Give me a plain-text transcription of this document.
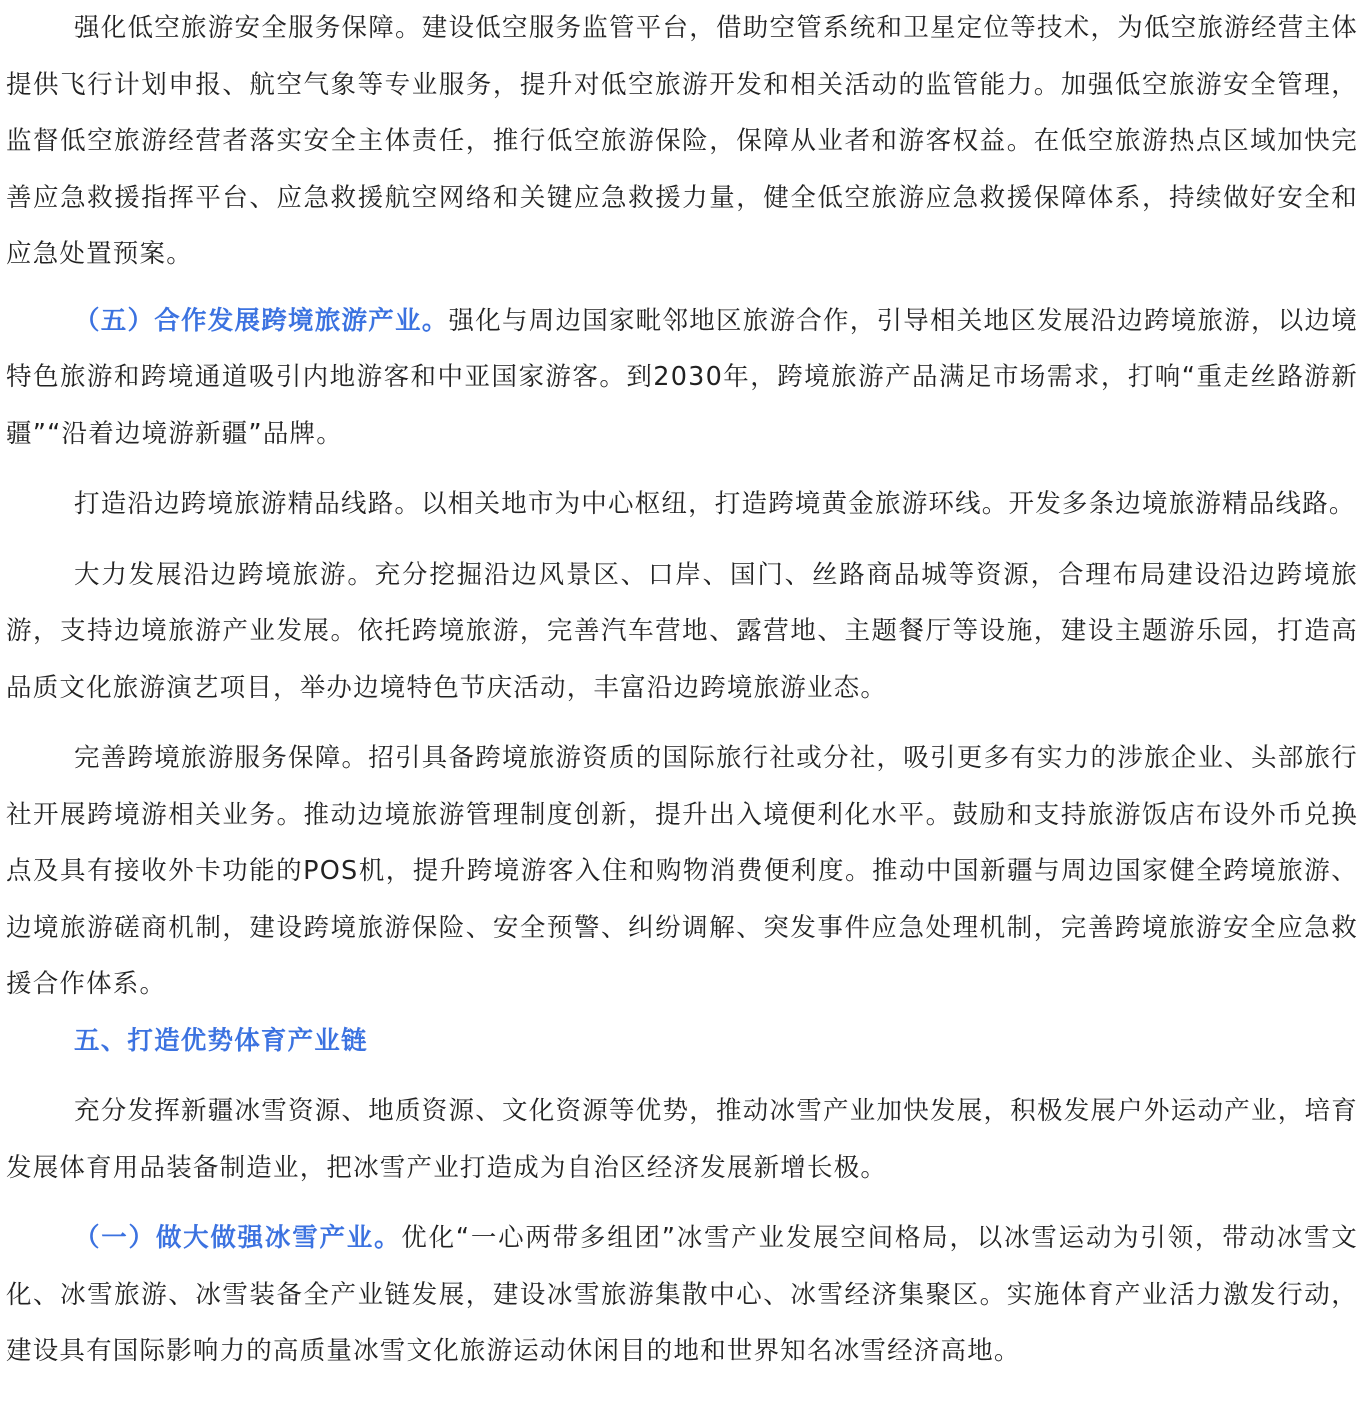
强化低空旅游安全服务保障。建设低空服务监管平台，借助空管系统和卫星定位等技术，为低空旅游经营主体提供飞行计划申报、航空气象等专业服务，提升对低空旅游开发和相关活动的监管能力。加强低空旅游安全管理，监督低空旅游经营者落实安全主体责任，推行低空旅游保险，保障从业者和游客权益。在低空旅游热点区域加快完善应急救援指挥平台、应急救援航空网络和关键应急救援力量，健全低空旅游应急救援保障体系，持续做好安全和应急处置预案。

（五）合作发展跨境旅游产业。强化与周边国家毗邻地区旅游合作，引导相关地区发展沿边跨境旅游，以边境特色旅游和跨境通道吸引内地游客和中亚国家游客。到2030年，跨境旅游产品满足市场需求，打响“重走丝路游新疆”“沿着边境游新疆”品牌。

打造沿边跨境旅游精品线路。以相关地市为中心枢纽，打造跨境黄金旅游环线。开发多条边境旅游精品线路。

大力发展沿边跨境旅游。充分挖掘沿边风景区、口岸、国门、丝路商品城等资源，合理布局建设沿边跨境旅游，支持边境旅游产业发展。依托跨境旅游，完善汽车营地、露营地、主题餐厅等设施，建设主题游乐园，打造高品质文化旅游演艺项目，举办边境特色节庆活动，丰富沿边跨境旅游业态。

完善跨境旅游服务保障。招引具备跨境旅游资质的国际旅行社或分社，吸引更多有实力的涉旅企业、头部旅行社开展跨境游相关业务。推动边境旅游管理制度创新，提升出入境便利化水平。鼓励和支持旅游饭店布设外币兑换点及具有接收外卡功能的POS机，提升跨境游客入住和购物消费便利度。推动中国新疆与周边国家健全跨境旅游、边境旅游磋商机制，建设跨境旅游保险、安全预警、纠纷调解、突发事件应急处理机制，完善跨境旅游安全应急救援合作体系。

五、打造优势体育产业链

充分发挥新疆冰雪资源、地质资源、文化资源等优势，推动冰雪产业加快发展，积极发展户外运动产业，培育发展体育用品装备制造业，把冰雪产业打造成为自治区经济发展新增长极。

（一）做大做强冰雪产业。优化“一心两带多组团”冰雪产业发展空间格局，以冰雪运动为引领，带动冰雪文化、冰雪旅游、冰雪装备全产业链发展，建设冰雪旅游集散中心、冰雪经济集聚区。实施体育产业活力激发行动，建设具有国际影响力的高质量冰雪文化旅游运动休闲目的地和世界知名冰雪经济高地。
